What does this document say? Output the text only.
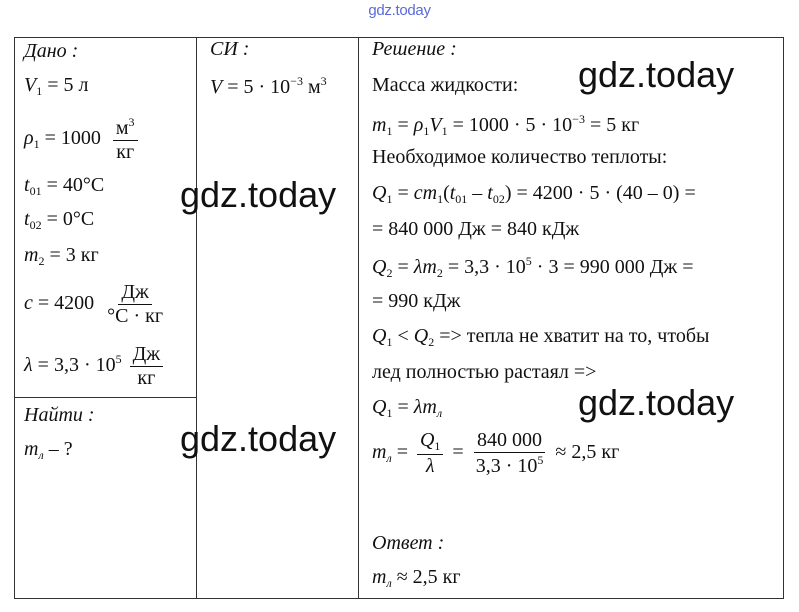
gdz.today
Дано :	СИ :	Решение :
Найти :
Ответ :
$V_1 = 5$ л
$\rho_1 = 1000 \frac{м^3}{кг}$
$t_{01} = 40^\circ C$
$t_{02} = 0^\circ C$
$m_2 = 3$ кг
$c = 4200 \frac{Дж}{^\circ C \cdot кг}$
$\lambda = 3,3 \cdot 10^5 \frac{Дж}{кг}$
$m_л$ – ?
$V = 5 \cdot 10^{-3}$ $м^3$ Масса жидкости:
$m_1 = \rho_1V_1 = 1000 \cdot 5 \cdot 10^{-3} = 5$ кг
Необходимое количество теплоты:
$Q_1 = cm_1(t_{01} - t_{02}) = 4200 \cdot 5 \cdot (40 - 0)$ =
= 840 000 Дж = 840 кДж
$Q_2 = \lambda m_2 = 3,3 \cdot 10^5 \cdot 3 = 990$ 000 Дж =
= 990 кДж
$Q_1 < Q_2$ => тепла не хватит на то, чтобы
лед полностью растаял =>
$Q_1 = \lambda m_л$
$m_л = \frac{Q_1}{\lambda} = \frac{840 000}{3,3 \cdot 10^5} \approx 2,5$ кг
$m_л \approx 2,5$ кг
gdz.today
gdz.today
gdz.today
gdz.today
